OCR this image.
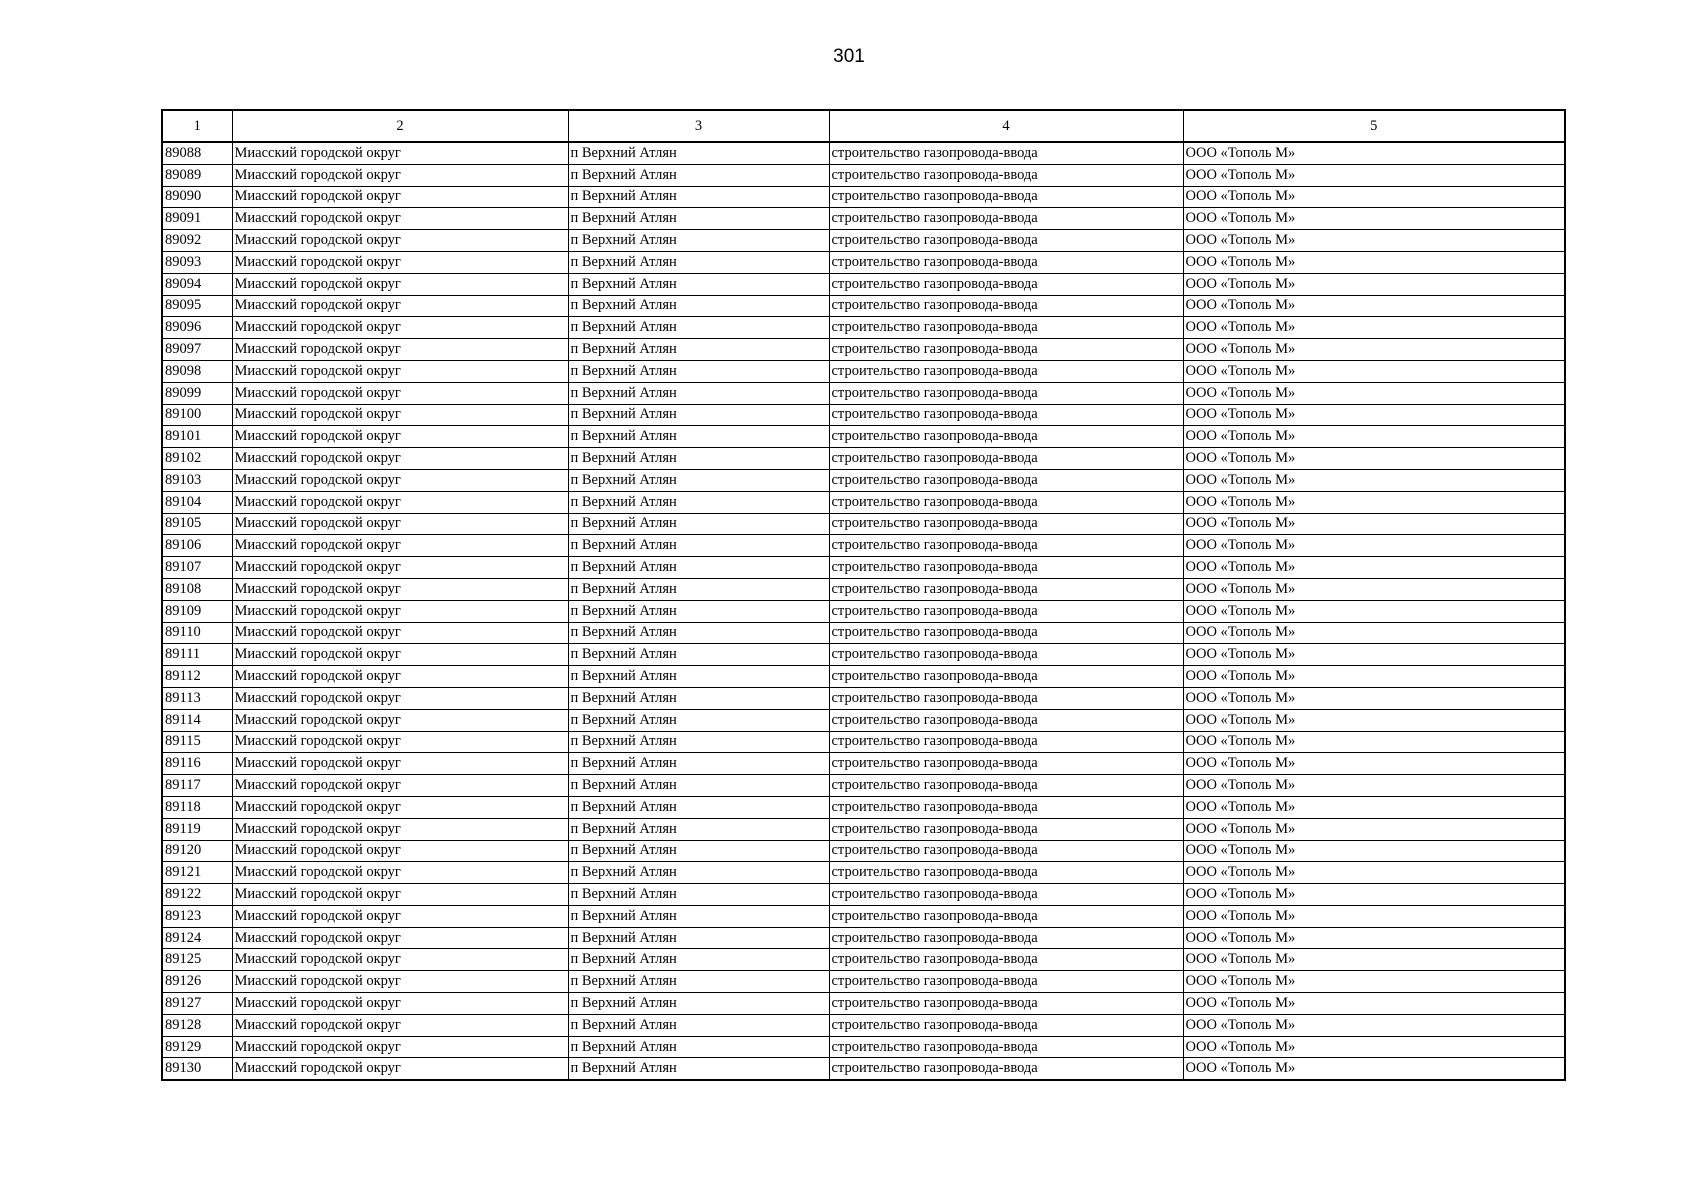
301
1	2	3	4	5
89088	Миасский городской округ	п Верхний Атлян	строительство газопровода-ввода	ООО «Тополь М»
89089	Миасский городской округ	п Верхний Атлян	строительство газопровода-ввода	ООО «Тополь М»
89090	Миасский городской округ	п Верхний Атлян	строительство газопровода-ввода	ООО «Тополь М»
89091	Миасский городской округ	п Верхний Атлян	строительство газопровода-ввода	ООО «Тополь М»
89092	Миасский городской округ	п Верхний Атлян	строительство газопровода-ввода	ООО «Тополь М»
89093	Миасский городской округ	п Верхний Атлян	строительство газопровода-ввода	ООО «Тополь М»
89094	Миасский городской округ	п Верхний Атлян	строительство газопровода-ввода	ООО «Тополь М»
89095	Миасский городской округ	п Верхний Атлян	строительство газопровода-ввода	ООО «Тополь М»
89096	Миасский городской округ	п Верхний Атлян	строительство газопровода-ввода	ООО «Тополь М»
89097	Миасский городской округ	п Верхний Атлян	строительство газопровода-ввода	ООО «Тополь М»
89098	Миасский городской округ	п Верхний Атлян	строительство газопровода-ввода	ООО «Тополь М»
89099	Миасский городской округ	п Верхний Атлян	строительство газопровода-ввода	ООО «Тополь М»
89100	Миасский городской округ	п Верхний Атлян	строительство газопровода-ввода	ООО «Тополь М»
89101	Миасский городской округ	п Верхний Атлян	строительство газопровода-ввода	ООО «Тополь М»
89102	Миасский городской округ	п Верхний Атлян	строительство газопровода-ввода	ООО «Тополь М»
89103	Миасский городской округ	п Верхний Атлян	строительство газопровода-ввода	ООО «Тополь М»
89104	Миасский городской округ	п Верхний Атлян	строительство газопровода-ввода	ООО «Тополь М»
89105	Миасский городской округ	п Верхний Атлян	строительство газопровода-ввода	ООО «Тополь М»
89106	Миасский городской округ	п Верхний Атлян	строительство газопровода-ввода	ООО «Тополь М»
89107	Миасский городской округ	п Верхний Атлян	строительство газопровода-ввода	ООО «Тополь М»
89108	Миасский городской округ	п Верхний Атлян	строительство газопровода-ввода	ООО «Тополь М»
89109	Миасский городской округ	п Верхний Атлян	строительство газопровода-ввода	ООО «Тополь М»
89110	Миасский городской округ	п Верхний Атлян	строительство газопровода-ввода	ООО «Тополь М»
89111	Миасский городской округ	п Верхний Атлян	строительство газопровода-ввода	ООО «Тополь М»
89112	Миасский городской округ	п Верхний Атлян	строительство газопровода-ввода	ООО «Тополь М»
89113	Миасский городской округ	п Верхний Атлян	строительство газопровода-ввода	ООО «Тополь М»
89114	Миасский городской округ	п Верхний Атлян	строительство газопровода-ввода	ООО «Тополь М»
89115	Миасский городской округ	п Верхний Атлян	строительство газопровода-ввода	ООО «Тополь М»
89116	Миасский городской округ	п Верхний Атлян	строительство газопровода-ввода	ООО «Тополь М»
89117	Миасский городской округ	п Верхний Атлян	строительство газопровода-ввода	ООО «Тополь М»
89118	Миасский городской округ	п Верхний Атлян	строительство газопровода-ввода	ООО «Тополь М»
89119	Миасский городской округ	п Верхний Атлян	строительство газопровода-ввода	ООО «Тополь М»
89120	Миасский городской округ	п Верхний Атлян	строительство газопровода-ввода	ООО «Тополь М»
89121	Миасский городской округ	п Верхний Атлян	строительство газопровода-ввода	ООО «Тополь М»
89122	Миасский городской округ	п Верхний Атлян	строительство газопровода-ввода	ООО «Тополь М»
89123	Миасский городской округ	п Верхний Атлян	строительство газопровода-ввода	ООО «Тополь М»
89124	Миасский городской округ	п Верхний Атлян	строительство газопровода-ввода	ООО «Тополь М»
89125	Миасский городской округ	п Верхний Атлян	строительство газопровода-ввода	ООО «Тополь М»
89126	Миасский городской округ	п Верхний Атлян	строительство газопровода-ввода	ООО «Тополь М»
89127	Миасский городской округ	п Верхний Атлян	строительство газопровода-ввода	ООО «Тополь М»
89128	Миасский городской округ	п Верхний Атлян	строительство газопровода-ввода	ООО «Тополь М»
89129	Миасский городской округ	п Верхний Атлян	строительство газопровода-ввода	ООО «Тополь М»
89130	Миасский городской округ	п Верхний Атлян	строительство газопровода-ввода	ООО «Тополь М»
